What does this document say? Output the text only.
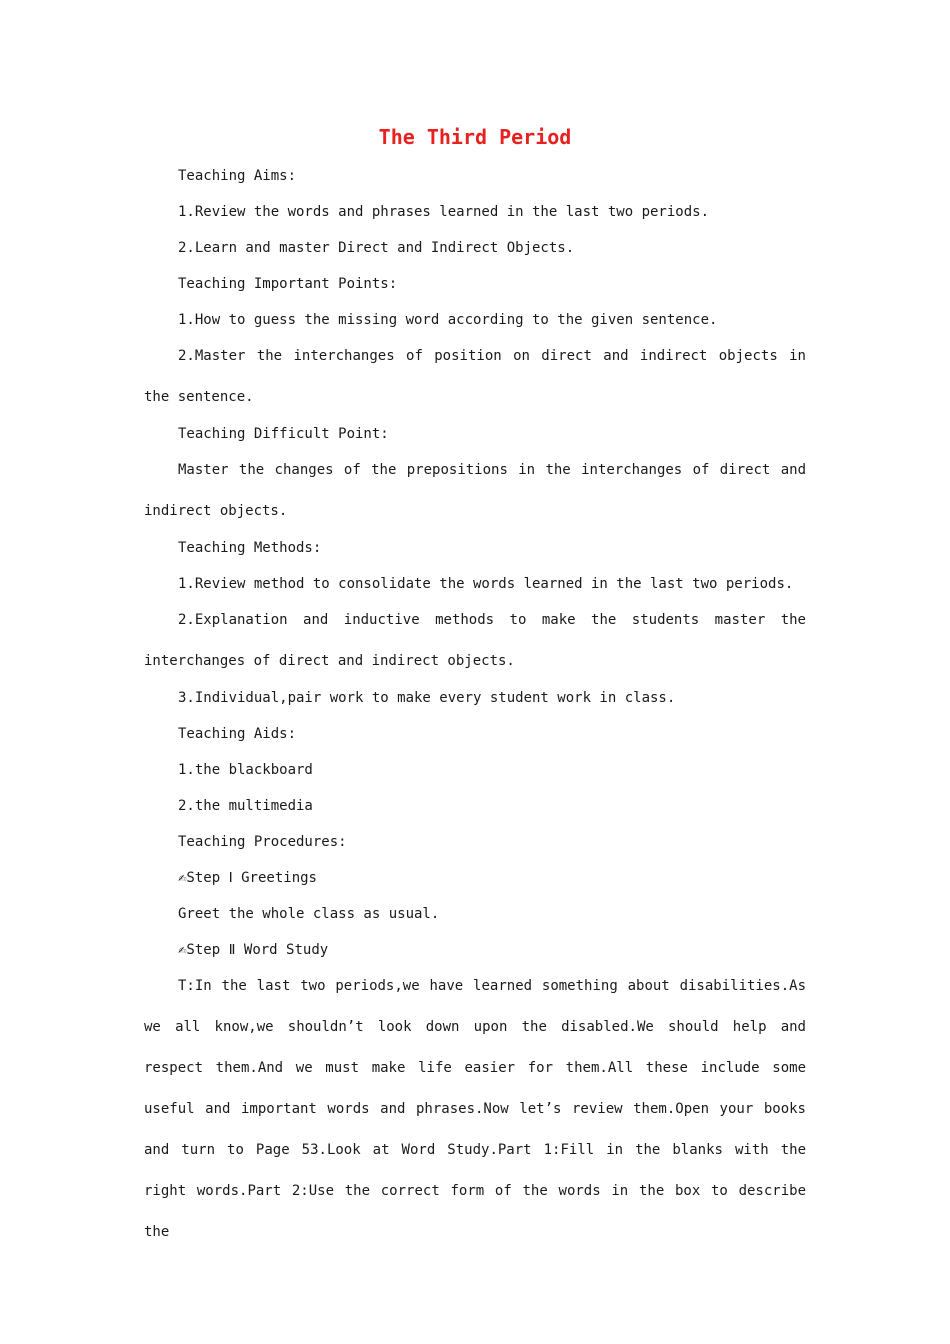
The Third Period

Teaching Aims:

1.Review the words and phrases learned in the last two periods.

2.Learn and master Direct and Indirect Objects.

Teaching Important Points:

1.How to guess the missing word according to the given sentence.

2.Master the interchanges of position on direct and indirect objects in the sentence.

Teaching Difficult Point:

Master the changes of the prepositions in the interchanges of direct and indirect objects.

Teaching Methods:

1.Review method to consolidate the words learned in the last two periods.

2.Explanation and inductive methods to make the students master the interchanges of direct and indirect objects.

3.Individual,pair work to make every student work in class.

Teaching Aids:

1.the blackboard

2.the multimedia

Teaching Procedures:

✍Step Ⅰ Greetings

Greet the whole class as usual.

✍Step Ⅱ Word Study

T:In the last two periods,we have learned something about disabilities.As we all know,we shouldn’t look down upon the disabled.We should help and respect them.And we must make life easier for them.All these include some useful and important words and phrases.Now let’s review them.Open your books and turn to Page 53.Look at Word Study.Part 1:Fill in the blanks with the right words.Part 2:Use the correct form of the words in the box to describe the
